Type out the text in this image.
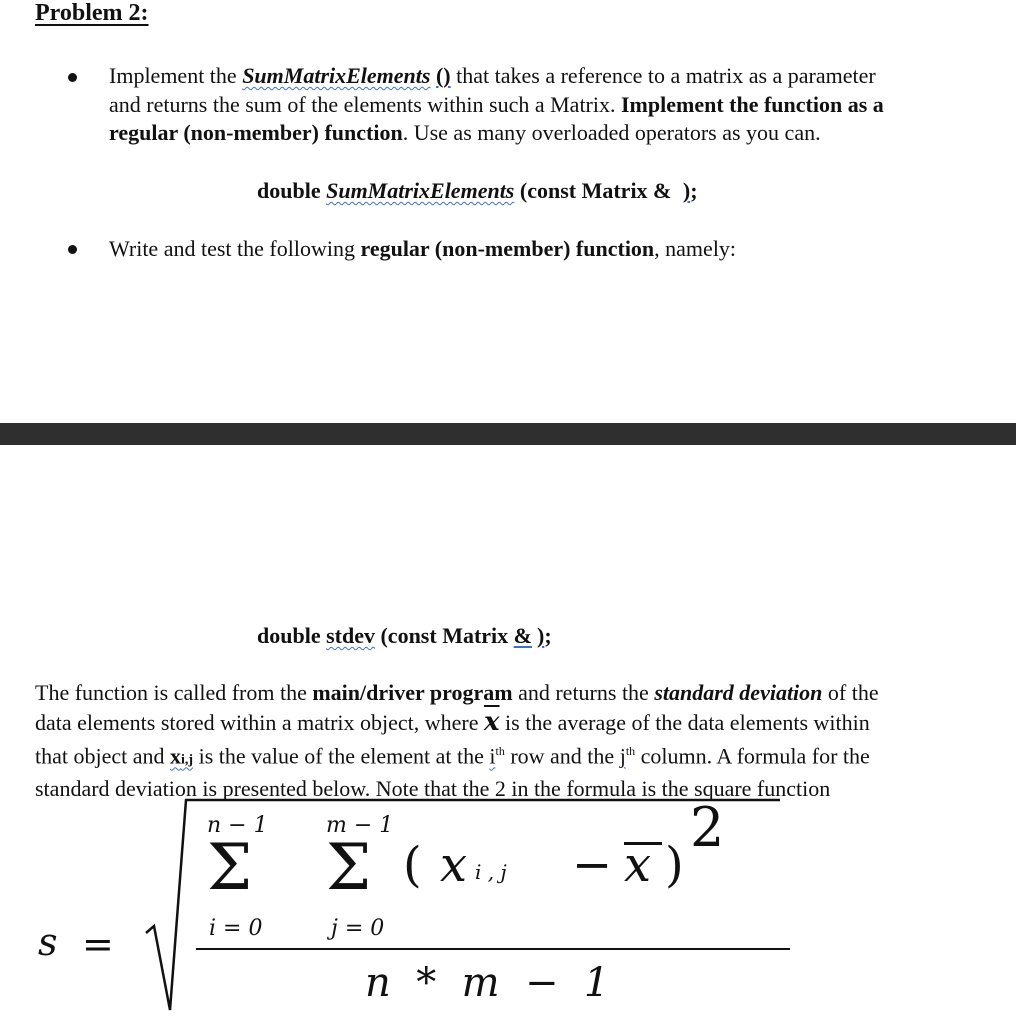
Problem 2:
Implement the SumMatrixElements () that takes a reference to a matrix as a parameter
and returns the sum of the elements within such a Matrix. Implement the function as a
regular (non-member) function. Use as many overloaded operators as you can.
double SumMatrixElements (const Matrix & );
Write and test the following regular (non-member) function, namely:
double stdev (const Matrix & );
The function is called from the main/driver program and returns the standard deviation of the
data elements stored within a matrix object, where $\overline{x}$ is the average of the data elements within
that object and xi,j is the value of the element at the $i^{th}$ row and the $j^{th}$ column. A formula for the
standard deviation is presented below. Note that the 2 in the formula is the square function
s =
n − 1	m − 1
Σ Σ
i = 0	j = 0
( x i , j − x )
2
n  *  m  −  1
